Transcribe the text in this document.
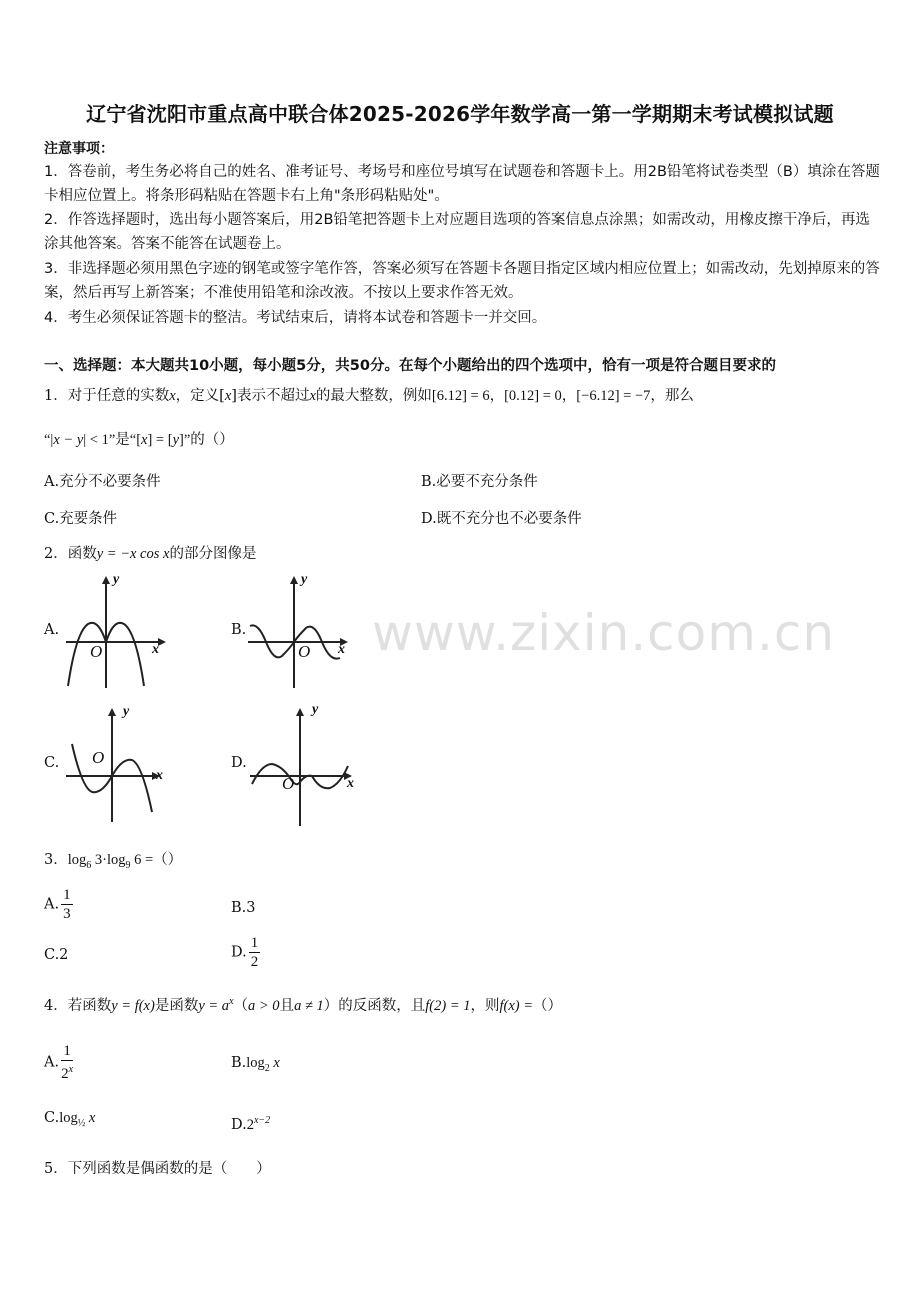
辽宁省沈阳市重点高中联合体2025-2026学年数学高一第一学期期末考试模拟试题
注意事项：
1．答卷前，考生务必将自己的姓名、准考证号、考场号和座位号填写在试题卷和答题卡上。用2B铅笔将试卷类型（B）填涂在答题卡相应位置上。将条形码粘贴在答题卡右上角"条形码粘贴处"。
2．作答选择题时，选出每小题答案后，用2B铅笔把答题卡上对应题目选项的答案信息点涂黑；如需改动，用橡皮擦干净后，再选涂其他答案。答案不能答在试题卷上。
3．非选择题必须用黑色字迹的钢笔或签字笔作答，答案必须写在答题卡各题目指定区域内相应位置上；如需改动，先划掉原来的答案，然后再写上新答案；不准使用铅笔和涂改液。不按以上要求作答无效。
4．考生必须保证答题卡的整洁。考试结束后，请将本试卷和答题卡一并交回。
一、选择题：本大题共10小题，每小题5分，共50分。在每个小题给出的四个选项中，恰有一项是符合题目要求的
1．对于任意的实数x，定义[x]表示不超过x的最大整数，例如[6.12] = 6，[0.12] = 0，[−6.12] = −7，那么
“|x − y| < 1”是“[x] = [y]”的（）
A.充分不必要条件	B.必要不充分条件
C.充要条件	D.既不充分也不必要条件
2．函数y = −x cos x的部分图像是
A.	B.
C.	D.
y
x
O
y
x
O
y
x
O
y
x
O
3．$\log_6 3\cdot\log_9$ 6 =（）
A. $\frac{1}{3}$	B.3
C.2	D. $\frac{1}{2}$
4．若函数y = f(x)是函数$y = a^x(a > 0$且a ≠ 1）的反函数，且f(2) = 1，则f(x) =（）
A. $\frac{1}{2^x}$	$B.\log_2$ x
$C.\log_{\frac{1}{2}}$ x	$D.2^{x-2}$
5．下列函数是偶函数的是（　　）
www.zixin.com.cn
